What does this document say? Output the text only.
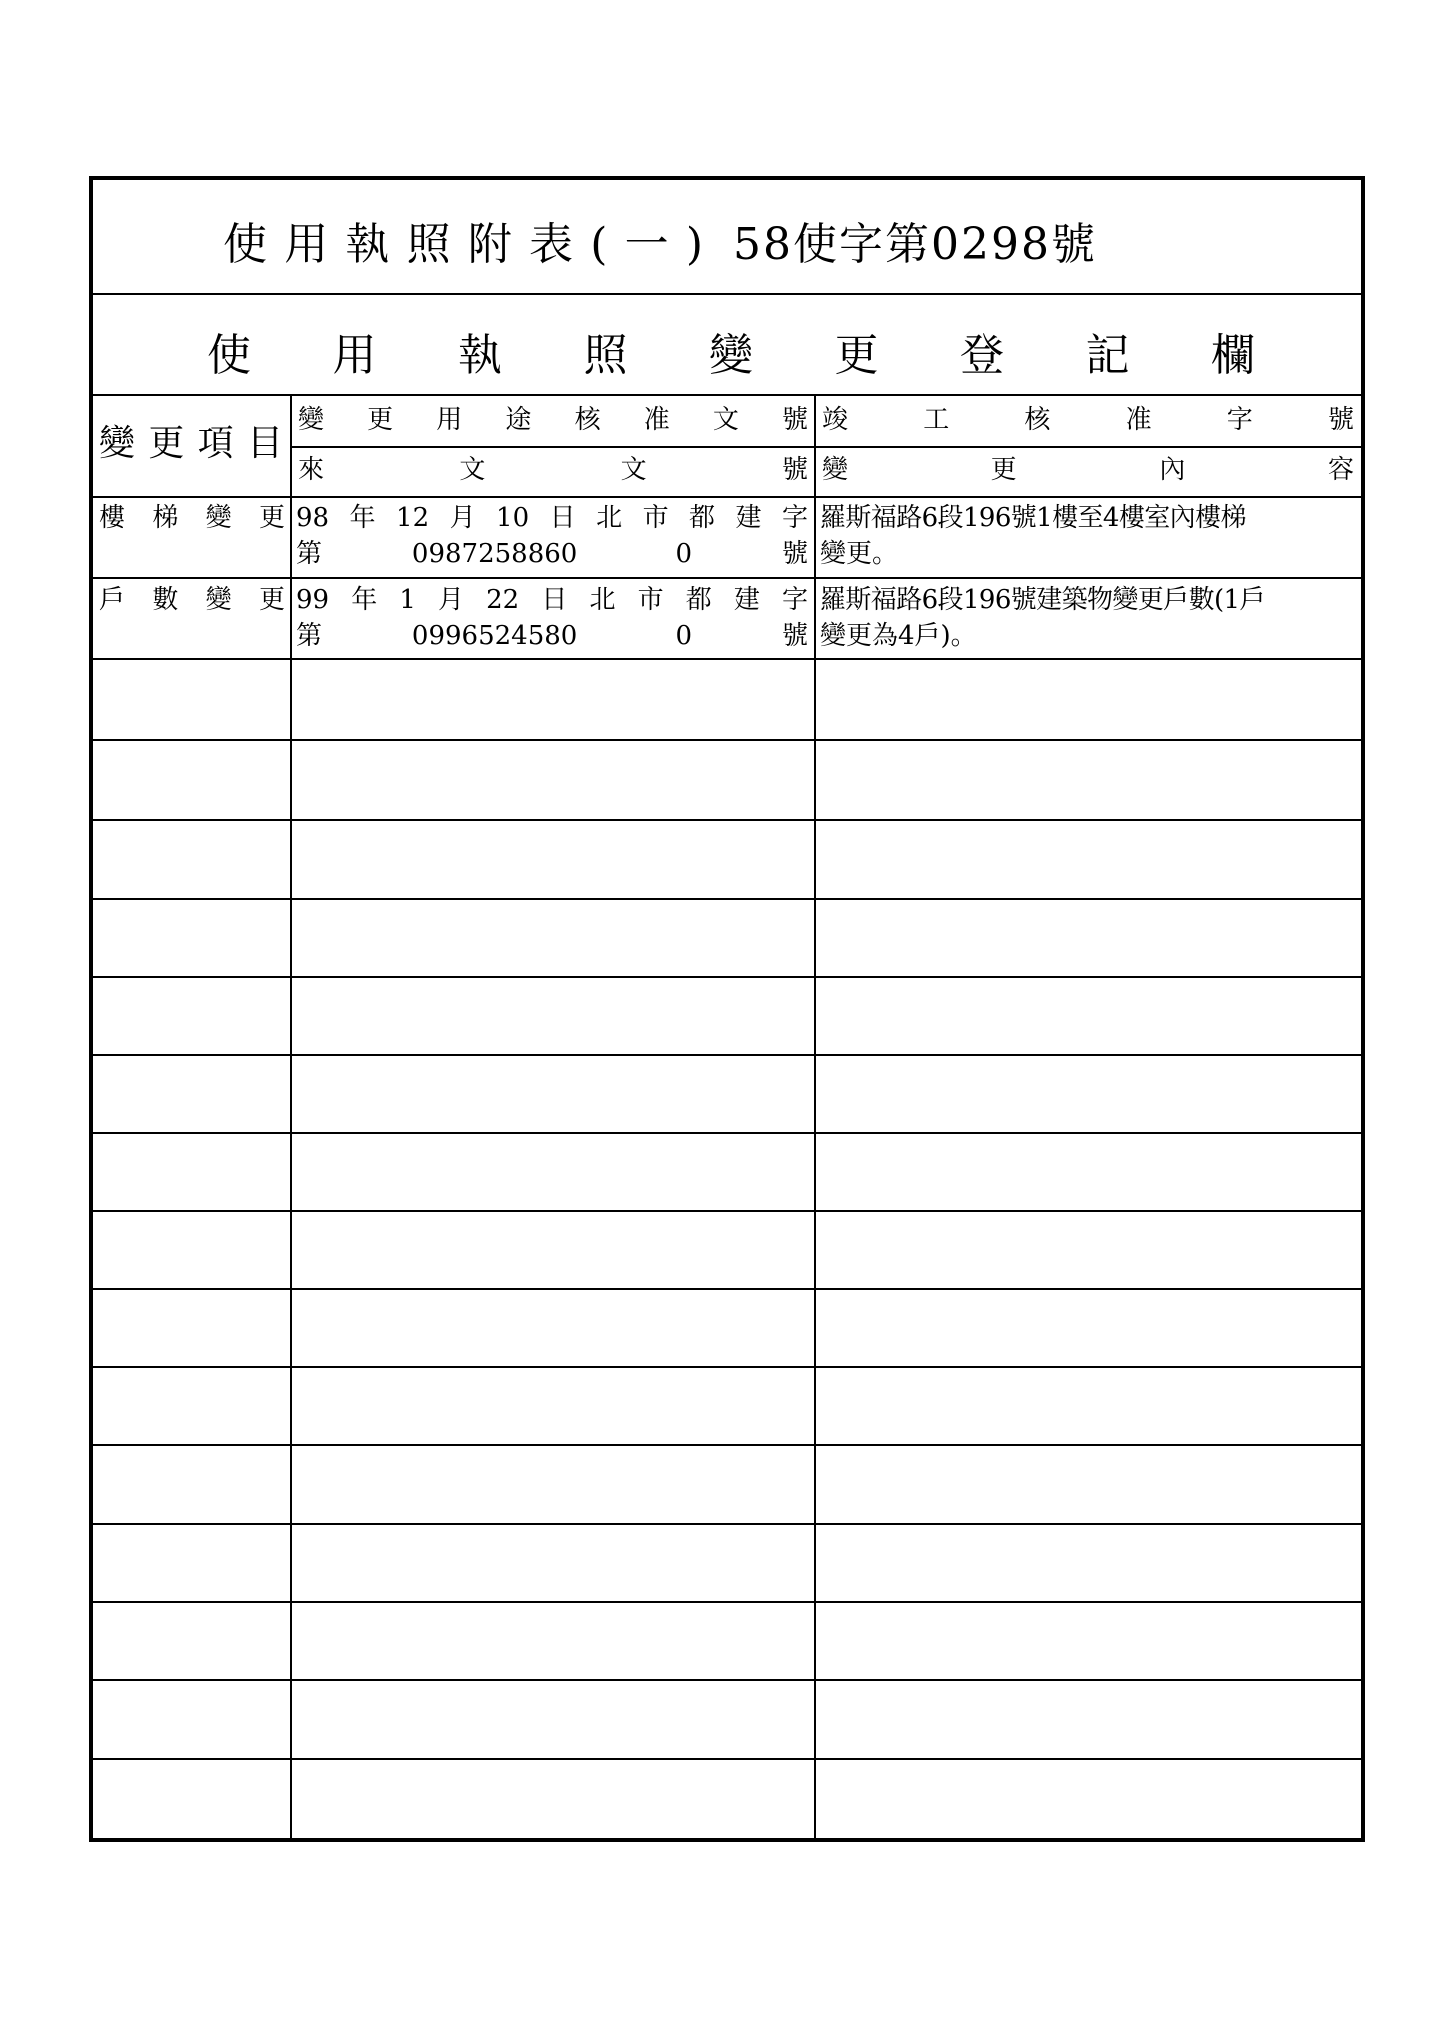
使用執照附表(一) 58使字第0298號
使用執照變更登記欄
變更項目
變更用途核准文號
來文文號
竣工核准字號
變更內容
樓梯變更 98年12月10日北市都建字
第0987258860 0號
羅斯福路6段196號1樓至4樓室內樓梯
變更。
戶數變更 99年1月22日北市都建字
第0996524580 0號
羅斯福路6段196號建築物變更戶數(1戶
變更為4戶)。
